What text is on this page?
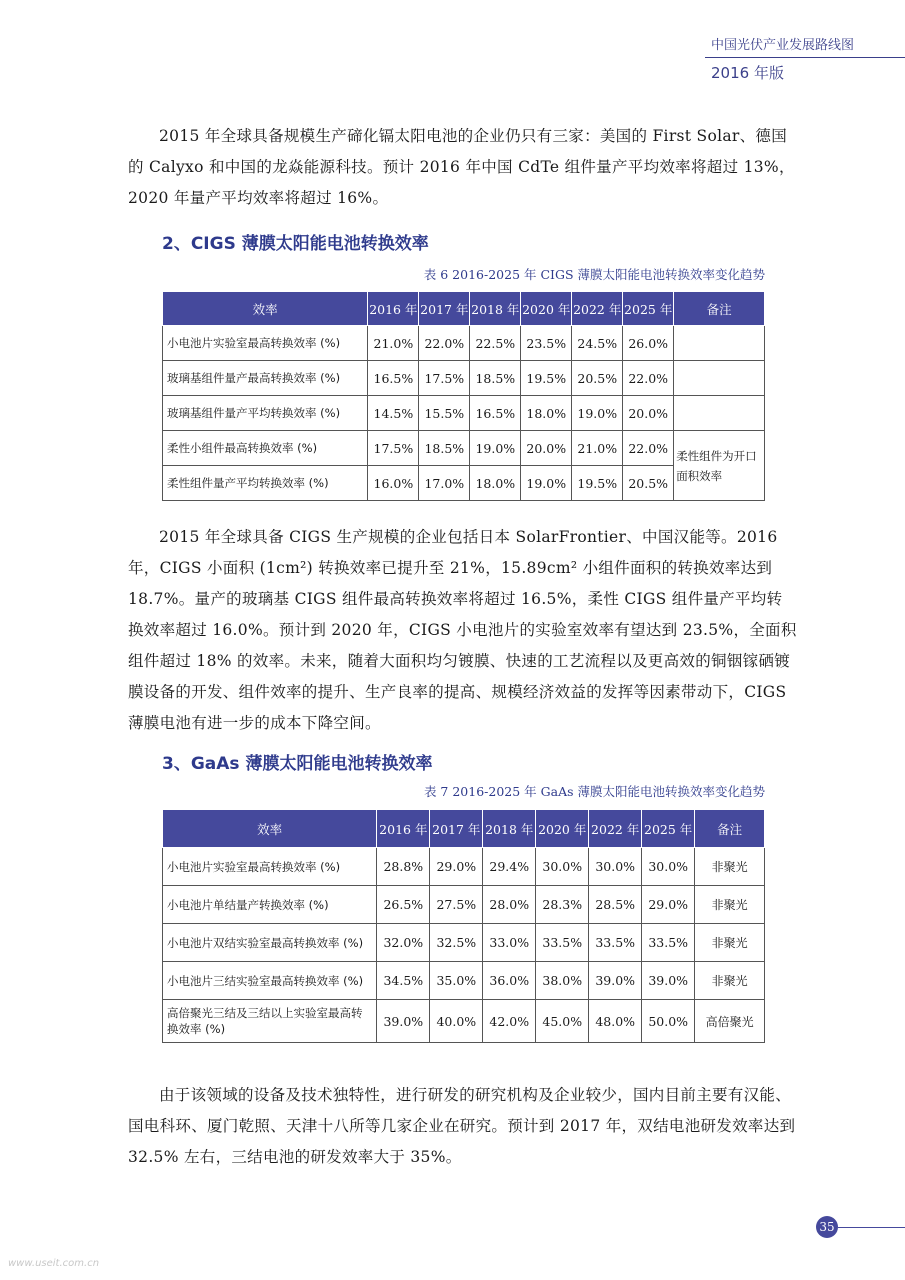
中国光伏产业发展路线图
2016 年版

2015 年全球具备规模生产碲化镉太阳电池的企业仍只有三家：美国的 First Solar、德国的 Calyxo 和中国的龙焱能源科技。预计 2016 年中国 CdTe 组件量产平均效率将超过 13%，2020 年量产平均效率将超过 16%。

2、CIGS 薄膜太阳能电池转换效率
表 6 2016-2025 年 CIGS 薄膜太阳能电池转换效率变化趋势
效率	2016 年	2017 年	2018 年	2020 年	2022 年	2025 年	备注
小电池片实验室最高转换效率 (%)	21.0%	22.0%	22.5%	23.5%	24.5%	26.0%	
玻璃基组件量产最高转换效率 (%)	16.5%	17.5%	18.5%	19.5%	20.5%	22.0%	
玻璃基组件量产平均转换效率 (%)	14.5%	15.5%	16.5%	18.0%	19.0%	20.0%	
柔性小组件最高转换效率 (%)	17.5%	18.5%	19.0%	20.0%	21.0%	22.0%	柔性组件为开口面积效率
柔性组件量产平均转换效率 (%)	16.0%	17.0%	18.0%	19.0%	19.5%	20.5%	

2015 年全球具备 CIGS 生产规模的企业包括日本 SolarFrontier、中国汉能等。2016 年，CIGS 小面积 (1cm²) 转换效率已提升至 21%，15.89cm² 小组件面积的转换效率达到 18.7%。量产的玻璃基 CIGS 组件最高转换效率将超过 16.5%，柔性 CIGS 组件量产平均转换效率超过 16.0%。预计到 2020 年，CIGS 小电池片的实验室效率有望达到 23.5%，全面积组件超过 18% 的效率。未来，随着大面积均匀镀膜、快速的工艺流程以及更高效的铜铟镓硒镀膜设备的开发、组件效率的提升、生产良率的提高、规模经济效益的发挥等因素带动下，CIGS 薄膜电池有进一步的成本下降空间。

3、GaAs 薄膜太阳能电池转换效率
表 7 2016-2025 年 GaAs 薄膜太阳能电池转换效率变化趋势
效率	2016 年	2017 年	2018 年	2020 年	2022 年	2025 年	备注
小电池片实验室最高转换效率 (%)	28.8%	29.0%	29.4%	30.0%	30.0%	30.0%	非聚光
小电池片单结量产转换效率 (%)	26.5%	27.5%	28.0%	28.3%	28.5%	29.0%	非聚光
小电池片双结实验室最高转换效率 (%)	32.0%	32.5%	33.0%	33.5%	33.5%	33.5%	非聚光
小电池片三结实验室最高转换效率 (%)	34.5%	35.0%	36.0%	38.0%	39.0%	39.0%	非聚光
高倍聚光三结及三结以上实验室最高转 换效率 (%)	39.0%	40.0%	42.0%	45.0%	48.0%	50.0%	高倍聚光

由于该领域的设备及技术独特性，进行研发的研究机构及企业较少，国内目前主要有汉能、国电科环、厦门乾照、天津十八所等几家企业在研究。预计到 2017 年，双结电池研发效率达到 32.5% 左右，三结电池的研发效率大于 35%。

35
www.useit.com.cn
